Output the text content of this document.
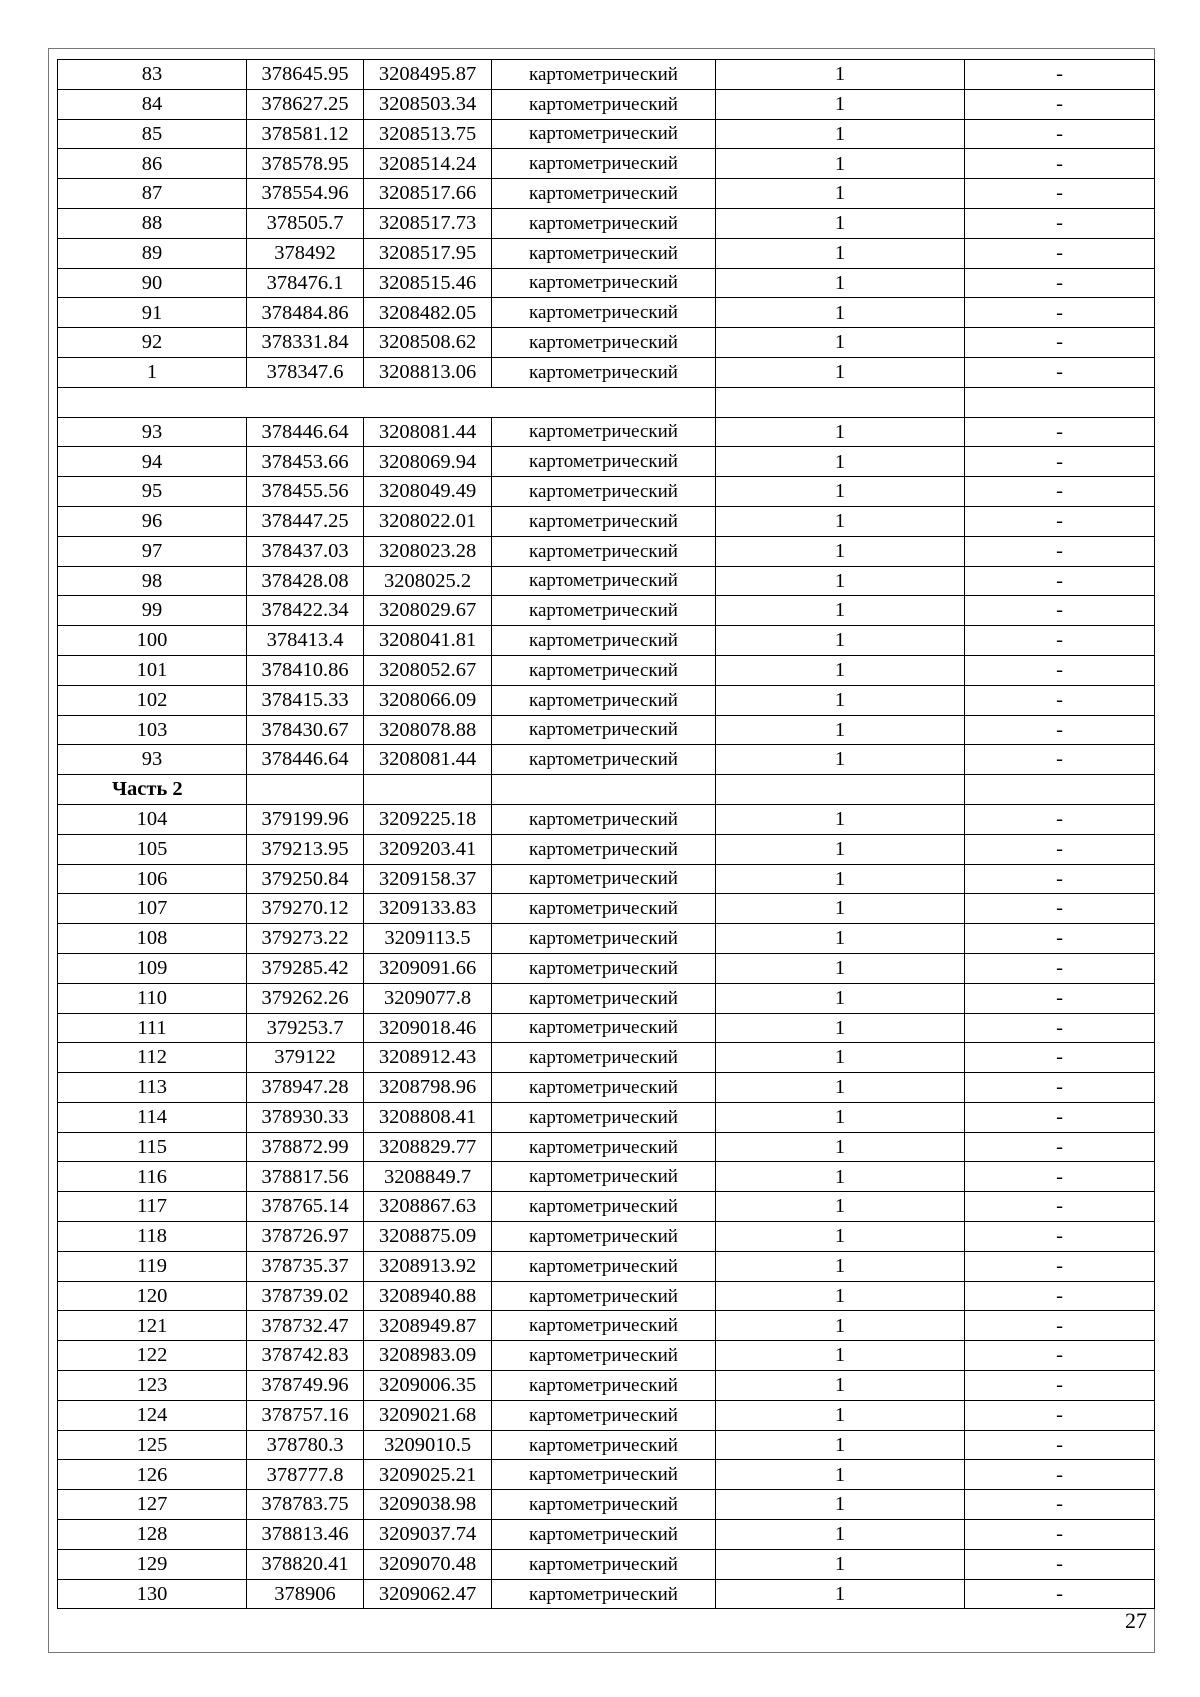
83	378645.95	3208495.87	картометрический	1	-
84	378627.25	3208503.34	картометрический	1	-
85	378581.12	3208513.75	картометрический	1	-
86	378578.95	3208514.24	картометрический	1	-
87	378554.96	3208517.66	картометрический	1	-
88	378505.7	3208517.73	картометрический	1	-
89	378492	3208517.95	картометрический	1	-
90	378476.1	3208515.46	картометрический	1	-
91	378484.86	3208482.05	картометрический	1	-
92	378331.84	3208508.62	картометрический	1	-
1	378347.6	3208813.06	картометрический	1	-

93	378446.64	3208081.44	картометрический	1	-
94	378453.66	3208069.94	картометрический	1	-
95	378455.56	3208049.49	картометрический	1	-
96	378447.25	3208022.01	картометрический	1	-
97	378437.03	3208023.28	картометрический	1	-
98	378428.08	3208025.2	картометрический	1	-
99	378422.34	3208029.67	картометрический	1	-
100	378413.4	3208041.81	картометрический	1	-
101	378410.86	3208052.67	картометрический	1	-
102	378415.33	3208066.09	картометрический	1	-
103	378430.67	3208078.88	картометрический	1	-
93	378446.64	3208081.44	картометрический	1	-
Часть 2					
104	379199.96	3209225.18	картометрический	1	-
105	379213.95	3209203.41	картометрический	1	-
106	379250.84	3209158.37	картометрический	1	-
107	379270.12	3209133.83	картометрический	1	-
108	379273.22	3209113.5	картометрический	1	-
109	379285.42	3209091.66	картометрический	1	-
110	379262.26	3209077.8	картометрический	1	-
111	379253.7	3209018.46	картометрический	1	-
112	379122	3208912.43	картометрический	1	-
113	378947.28	3208798.96	картометрический	1	-
114	378930.33	3208808.41	картометрический	1	-
115	378872.99	3208829.77	картометрический	1	-
116	378817.56	3208849.7	картометрический	1	-
117	378765.14	3208867.63	картометрический	1	-
118	378726.97	3208875.09	картометрический	1	-
119	378735.37	3208913.92	картометрический	1	-
120	378739.02	3208940.88	картометрический	1	-
121	378732.47	3208949.87	картометрический	1	-
122	378742.83	3208983.09	картометрический	1	-
123	378749.96	3209006.35	картометрический	1	-
124	378757.16	3209021.68	картометрический	1	-
125	378780.3	3209010.5	картометрический	1	-
126	378777.8	3209025.21	картометрический	1	-
127	378783.75	3209038.98	картометрический	1	-
128	378813.46	3209037.74	картометрический	1	-
129	378820.41	3209070.48	картометрический	1	-
130	378906	3209062.47	картометрический	1	-
27
